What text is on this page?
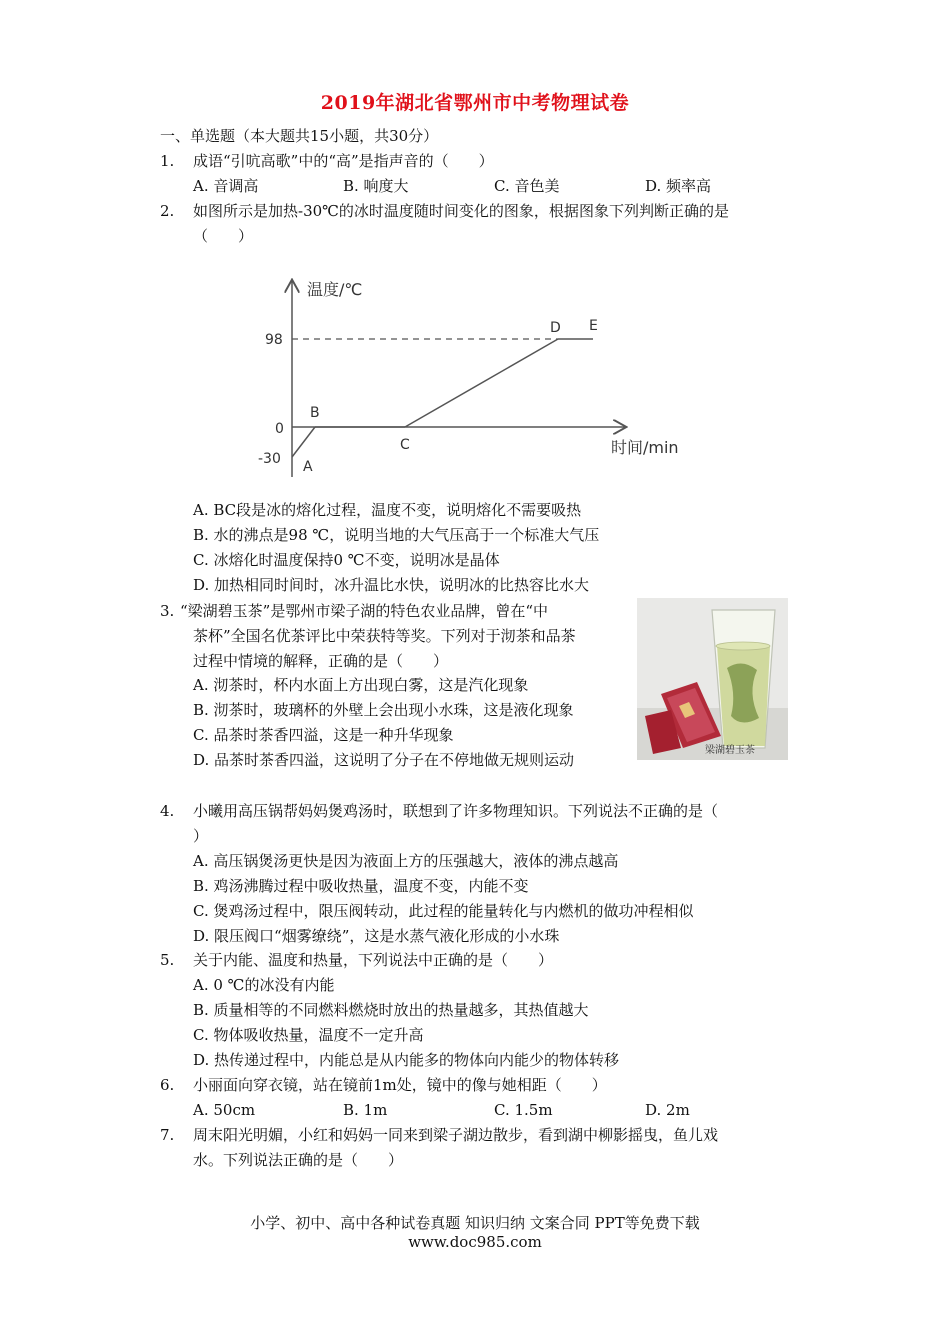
2019年湖北省鄂州市中考物理试卷
一、单选题（本大题共15小题，共30分）
1. 成语“引吭高歌”中的“高”是指声音的（　　）
A. 音调高	B. 响度大	C. 音色美	D. 频率高
2. 如图所示是加热-30℃的冰时温度随时间变化的图象，根据图象下列判断正确的是
（　　）
温度/℃
时间/min
98
0
-30 A
B
C
D E
A. BC段是冰的熔化过程，温度不变，说明熔化不需要吸热
B. 水的沸点是98 ℃，说明当地的大气压高于一个标准大气压
C. 冰熔化时温度保持0 ℃不变，说明冰是晶体
D. 加热相同时间时，冰升温比水快，说明冰的比热容比水大
3. “梁湖碧玉茶”是鄂州市梁子湖的特色农业品牌，曾在“中
茶杯”全国名优茶评比中荣获特等奖。下列对于沏茶和品茶
过程中情境的解释，正确的是（　　）
A. 沏茶时，杯内水面上方出现白雾，这是汽化现象
B. 沏茶时，玻璃杯的外壁上会出现小水珠，这是液化现象
C. 品茶时茶香四溢，这是一种升华现象
D. 品茶时茶香四溢，这说明了分子在不停地做无规则运动
梁湖碧玉茶
4. 小曦用高压锅帮妈妈煲鸡汤时，联想到了许多物理知识。下列说法不正确的是（
）
A. 高压锅煲汤更快是因为液面上方的压强越大，液体的沸点越高
B. 鸡汤沸腾过程中吸收热量，温度不变，内能不变
C. 煲鸡汤过程中，限压阀转动，此过程的能量转化与内燃机的做功冲程相似
D. 限压阀口“烟雾缭绕”，这是水蒸气液化形成的小水珠
5. 关于内能、温度和热量，下列说法中正确的是（　　）
A. 0 ℃的冰没有内能
B. 质量相等的不同燃料燃烧时放出的热量越多，其热值越大
C. 物体吸收热量，温度不一定升高
D. 热传递过程中，内能总是从内能多的物体向内能少的物体转移
6. 小丽面向穿衣镜，站在镜前1m处，镜中的像与她相距（　　）
A. 50cm	B. 1m	C. 1.5m	D. 2m
7. 周末阳光明媚，小红和妈妈一同来到梁子湖边散步，看到湖中柳影摇曳，鱼儿戏
水。下列说法正确的是（　　）
小学、初中、高中各种试卷真题 知识归纳 文案合同 PPT等免费下载
www.doc985.com
